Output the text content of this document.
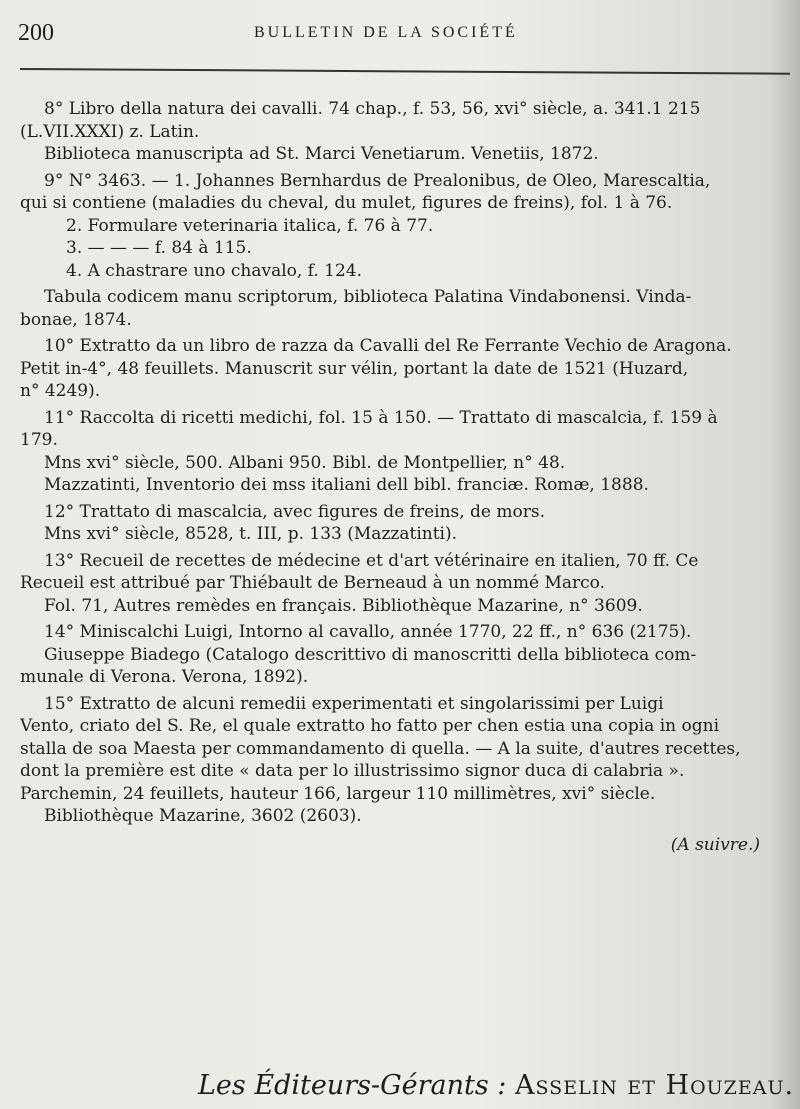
200	BULLETIN DE LA SOCIÉTÉ
8° Libro della natura dei cavalli. 74 chap., f. 53, 56, xvi° siècle, a. 341.1 215
(L.VII.XXXI) z. Latin.
Biblioteca manuscripta ad St. Marci Venetiarum. Venetiis, 1872.
9° N° 3463. — 1. Johannes Bernhardus de Prealonibus, de Oleo, Marescaltia,
qui si contiene (maladies du cheval, du mulet, figures de freins), fol. 1 à 76.
2. Formulare veterinaria italica, f. 76 à 77.
3. — — — f. 84 à 115.
4. A chastrare uno chavalo, f. 124.
Tabula codicem manu scriptorum, biblioteca Palatina Vindabonensi. Vinda-
bonae, 1874.
10° Extratto da un libro de razza da Cavalli del Re Ferrante Vechio de Aragona.
Petit in-4°, 48 feuillets. Manuscrit sur vélin, portant la date de 1521 (Huzard,
n° 4249).
11° Raccolta di ricetti medichi, fol. 15 à 150. — Trattato di mascalcia, f. 159 à
179.
Mns xvi° siècle, 500. Albani 950. Bibl. de Montpellier, n° 48.
Mazzatinti, Inventorio dei mss italiani dell bibl. franciæ. Romæ, 1888.
12° Trattato di mascalcia, avec figures de freins, de mors.
Mns xvi° siècle, 8528, t. III, p. 133 (Mazzatinti).
13° Recueil de recettes de médecine et d'art vétérinaire en italien, 70 ff. Ce
Recueil est attribué par Thiébault de Berneaud à un nommé Marco.
Fol. 71, Autres remèdes en français. Bibliothèque Mazarine, n° 3609.
14° Miniscalchi Luigi, Intorno al cavallo, année 1770, 22 ff., n° 636 (2175).
Giuseppe Biadego (Catalogo descrittivo di manoscritti della biblioteca com-
munale di Verona. Verona, 1892).
15° Extratto de alcuni remedii experimentati et singolarissimi per Luigi
Vento, criato del S. Re, el quale extratto ho fatto per chen estia una copia in ogni
stalla de soa Maesta per commandamento di quella. — A la suite, d'autres recettes,
dont la première est dite « data per lo illustrissimo signor duca di calabria ».
Parchemin, 24 feuillets, hauteur 166, largeur 110 millimètres, xvi° siècle.
Bibliothèque Mazarine, 3602 (2603).
(A suivre.)
Les Éditeurs-Gérants : Asselin et Houzeau.
